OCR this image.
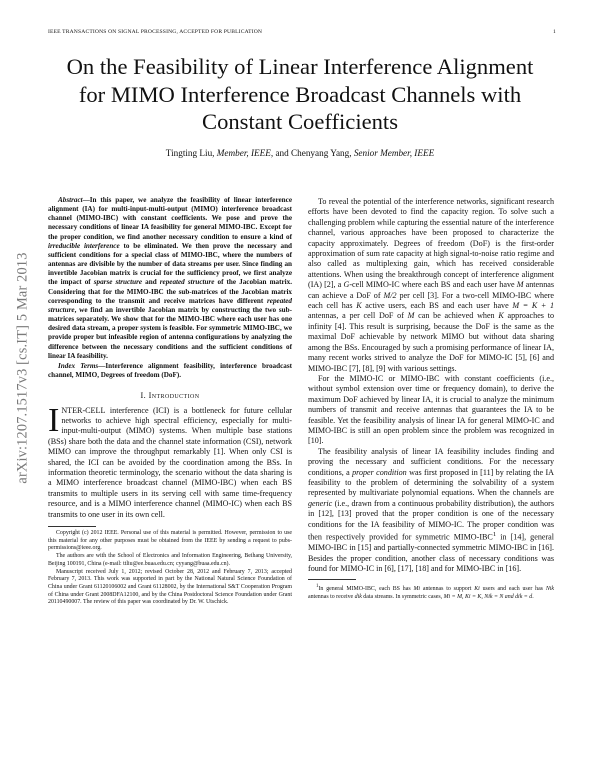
IEEE TRANSACTIONS ON SIGNAL PROCESSING, ACCEPTED FOR PUBLICATION	1
arXiv:1207.1517v3 [cs.IT] 5 Mar 2013
On the Feasibility of Linear Interference Alignment
for MIMO Interference Broadcast Channels with
Constant Coefficients
Tingting Liu, Member, IEEE, and Chenyang Yang, Senior Member, IEEE

Abstract—In this paper, we analyze the feasibility of linear interference alignment (IA) for multi-input-multi-output (MIMO) interference broadcast channel (MIMO-IBC) with constant coefficients. We pose and prove the necessary conditions of linear IA feasibility for general MIMO-IBC. Except for the proper condition, we find another necessary condition to ensure a kind of irreducible interference to be eliminated. We then prove the necessary and sufficient conditions for a special class of MIMO-IBC, where the numbers of antennas are divisible by the number of data streams per user. Since finding an invertible Jacobian matrix is crucial for the sufficiency proof, we first analyze the impact of sparse structure and repeated structure of the Jacobian matrix. Considering that for the MIMO-IBC the sub-matrices of the Jacobian matrix corresponding to the transmit and receive matrices have different repeated structure, we find an invertible Jacobian matrix by constructing the two sub-matrices separately. We show that for the MIMO-IBC where each user has one desired data stream, a proper system is feasible. For symmetric MIMO-IBC, we provide proper but infeasible region of antenna configurations by analyzing the difference between the necessary conditions and the sufficient conditions of linear IA feasibility.

Index Terms—Interference alignment feasibility, interference broadcast channel, MIMO, Degrees of freedom (DoF).

I. Introduction

INTER-CELL interference (ICI) is a bottleneck for future cellular networks to achieve high spectral efficiency, especially for multi-input-multi-output (MIMO) systems. When multiple base stations (BSs) share both the data and the channel state information (CSI), network MIMO can improve the throughput remarkably [1]. When only CSI is shared, the ICI can be avoided by the coordination among the BSs. In information theoretic terminology, the scenario without the data sharing is a MIMO interference broadcast channel (MIMO-IBC) when each BS transmits to multiple users in its serving cell with same time-frequency resource, and is a MIMO interference channel (MIMO-IC) when each BS transmits to one user in its own cell.

Copyright (c) 2012 IEEE. Personal use of this material is permitted. However, permission to use this material for any other purposes must be obtained from the IEEE by sending a request to pubs-permissions@ieee.org.

The authors are with the School of Electronics and Information Engineering, Beihang University, Beijing 100191, China (e-mail: ttliu@ee.buaa.edu.cn; cyyang@buaa.edu.cn).

Manuscript received July 1, 2012; revised October 28, 2012 and February 7, 2013; accepted February 7, 2013. This work was supported in part by the National Natural Science Foundation of China under Grant 61120106002 and Grant 61128002, by the International S&T Cooperation Program of China under Grant 2008DFA12100, and by the China Postdoctoral Science Foundation under Grant 20110490007. The review of this paper was coordinated by Dr. W. Utschick.

To reveal the potential of the interference networks, significant research efforts have been devoted to find the capacity region. To solve such a challenging problem while capturing the essential nature of the interference channel, various approaches have been proposed to characterize the capacity approximately. Degrees of freedom (DoF) is the first-order approximation of sum rate capacity at high signal-to-noise ratio regime and also called as multiplexing gain, which has received considerable attentions. When using the breakthrough concept of interference alignment (IA) [2], a G-cell MIMO-IC where each BS and each user have M antennas can achieve a DoF of M/2 per cell [3]. For a two-cell MIMO-IBC where each cell has K active users, each BS and each user have M = K + 1 antennas, a per cell DoF of M can be achieved when K approaches to infinity [4]. This result is surprising, because the DoF is the same as the maximal DoF achievable by network MIMO but without data sharing among the BSs. Encouraged by such a promising performance of linear IA, many recent works strived to analyze the DoF for MIMO-IC [5], [6] and MIMO-IBC [7], [8], [9] with various settings.

For the MIMO-IC or MIMO-IBC with constant coefficients (i.e., without symbol extension over time or frequency domain), to derive the maximum DoF achieved by linear IA, it is crucial to analyze the minimum numbers of transmit and receive antennas that guarantees the IA to be feasible. Yet the feasibility analysis of linear IA for general MIMO-IC and MIMO-IBC is still an open problem since the problem was recognized in [10].

The feasibility analysis of linear IA feasibility includes finding and proving the necessary and sufficient conditions. For the necessary conditions, a proper condition was first proposed in [11] by relating the IA feasibility to the problem of determining the solvability of a system represented by multivariate polynomial equations. When the channels are generic (i.e., drawn from a continuous probability distribution), the authors in [12], [13] proved that the proper condition is one of the necessary conditions for the IA feasibility of MIMO-IC. The proper condition was then respectively provided for symmetric MIMO-IBC$^1$ in [14], general MIMO-IBC in [15] and partially-connected symmetric MIMO-IBC in [16]. Besides the proper condition, another class of necessary conditions was found for MIMO-IC in [6], [17], [18] and for MIMO-IBC in [16].

$^1$In general MIMO-IBC, each BS has Mi antennas to support Ki users and each user has Nik antennas to receive dik data streams. In symmetric cases, Mi = M, Ki = K, Nik = N and dik = d.
